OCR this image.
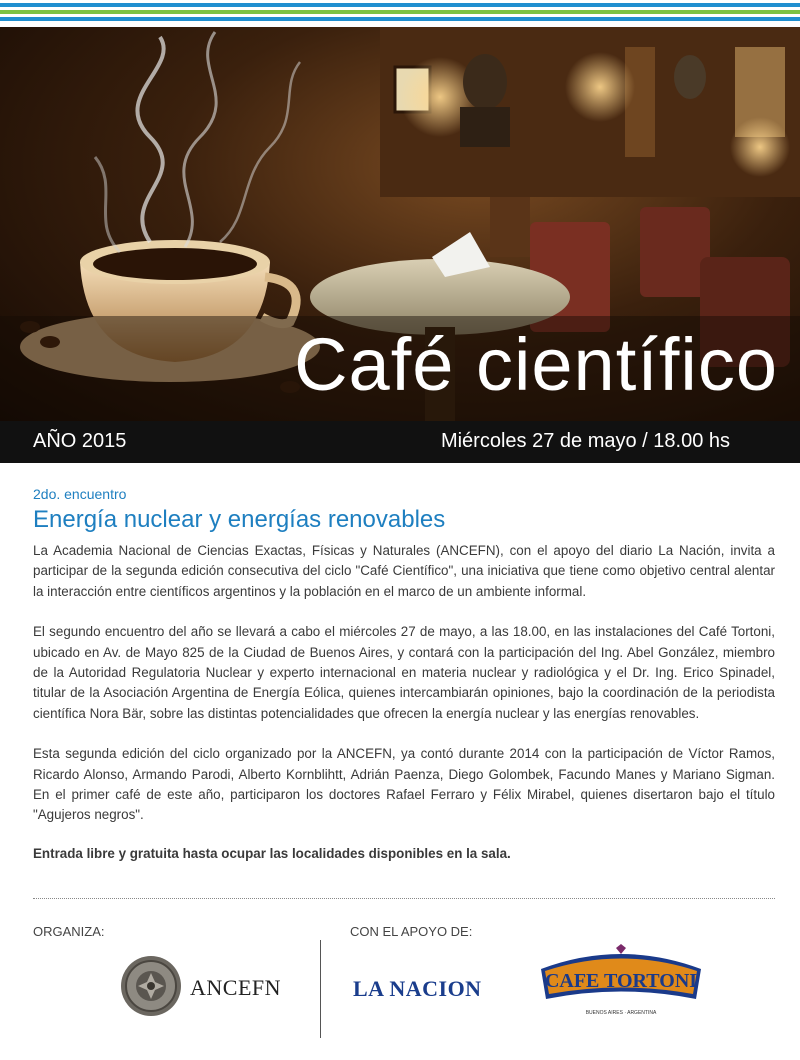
Café científico
AÑO 2015	Miércoles 27 de mayo / 18.00 hs

2do. encuentro

Energía nuclear y energías renovables

La Academia Nacional de Ciencias Exactas, Físicas y Naturales (ANCEFN), con el apoyo del diario La Nación, invita a participar de la segunda edición consecutiva del ciclo "Café Científico", una iniciativa que tiene como objetivo central alentar la interacción entre científicos argentinos y la población en el marco de un ambiente informal.

El segundo encuentro del año se llevará a cabo el miércoles 27 de mayo, a las 18.00, en las instalaciones del Café Tortoni, ubicado en Av. de Mayo 825 de la Ciudad de Buenos Aires, y contará con la participación del Ing. Abel González, miembro de la Autoridad Regulatoria Nuclear y experto internacional en materia nuclear y radiológica y el Dr. Ing. Erico Spinadel, titular de la Asociación Argentina de Energía Eólica, quienes intercambiarán opiniones, bajo la coordinación de la periodista científica Nora Bär, sobre las distintas potencialidades que ofrecen la energía nuclear y las energías renovables.

Esta segunda edición del ciclo organizado por la ANCEFN, ya contó durante 2014 con la participación de Víctor Ramos, Ricardo Alonso, Armando Parodi, Alberto Kornblihtt, Adrián Paenza, Diego Golombek, Facundo Manes y Mariano Sigman. En el primer café de este año, participaron los doctores Rafael Ferraro y Félix Mirabel, quienes disertaron bajo el título "Agujeros negros".

Entrada libre y gratuita hasta ocupar las localidades disponibles en la sala.

ORGANIZA:	CON EL APOYO DE:
ANCEFN	LA NACION	CAFE TORTONI
BUENOS AIRES · ARGENTINA
